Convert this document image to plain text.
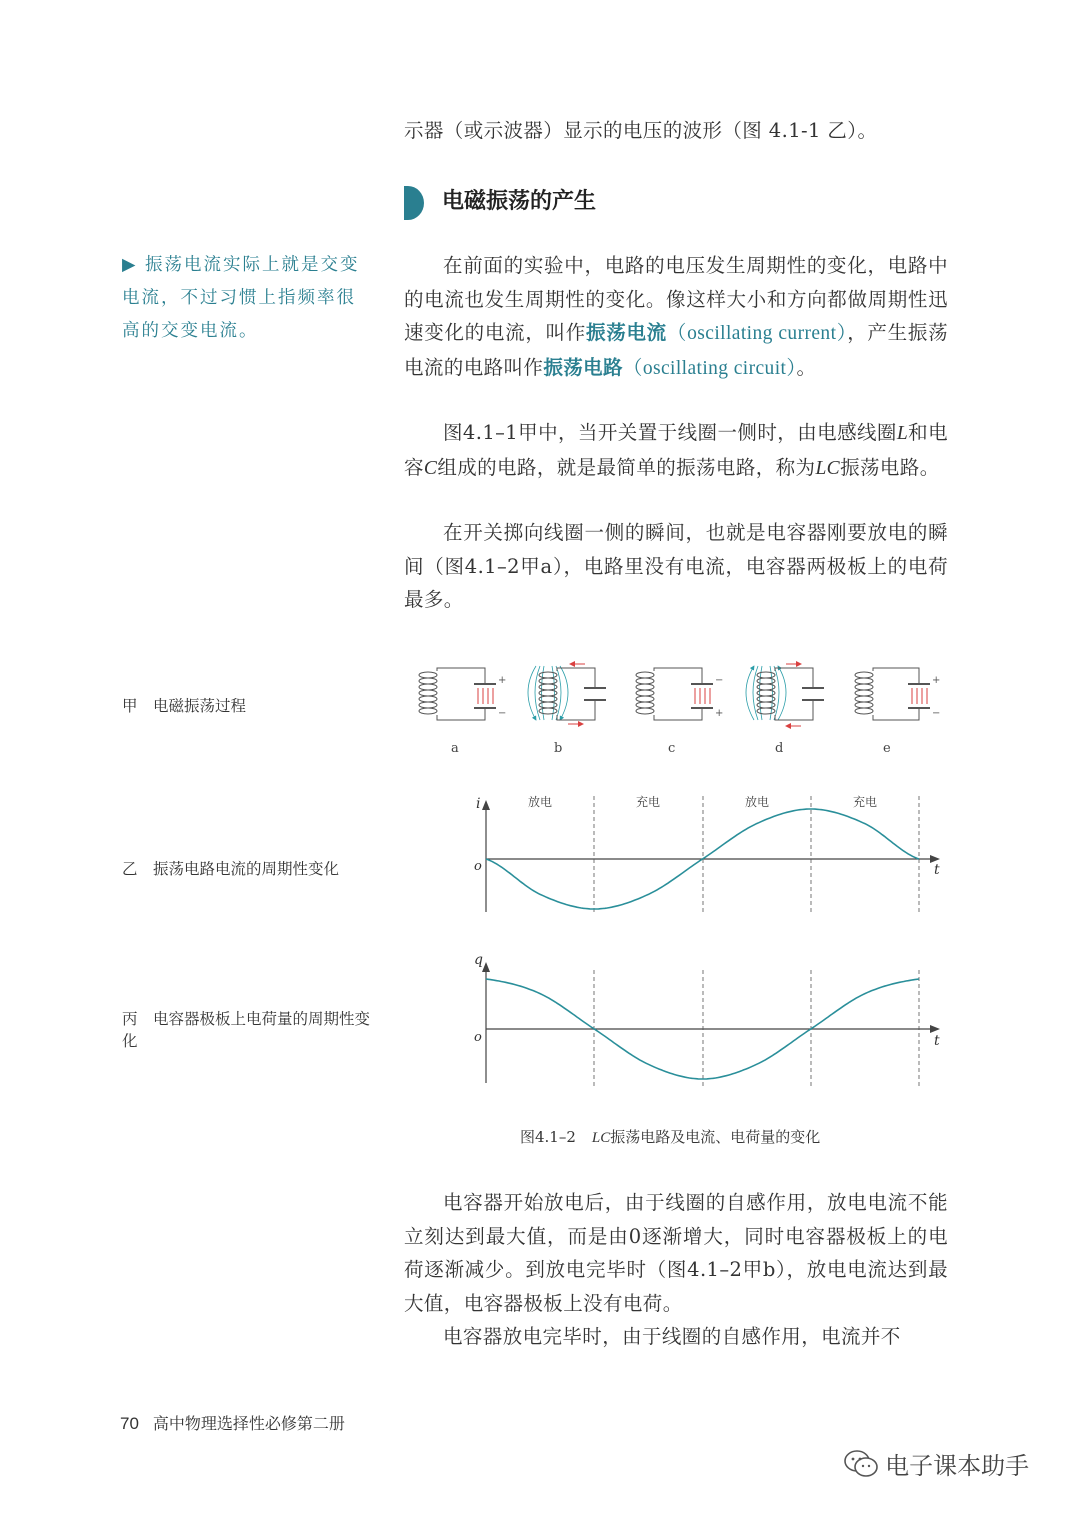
示器（或示波器）显示的电压的波形（图 4.1-1 乙）。

电磁振荡的产生
▶ 振荡电流实际上就是交变电流，不过习惯上指频率很高的交变电流。

在前面的实验中，电路的电压发生周期性的变化，电路中的电流也发生周期性的变化。像这样大小和方向都做周期性迅速变化的电流，叫作振荡电流（oscillating current），产生振荡电流的电路叫作振荡电路（oscillating circuit）。

图4.1–1甲中，当开关置于线圈一侧时，由电感线圈L和电容C组成的电路，就是最简单的振荡电路，称为LC振荡电路。

在开关掷向线圈一侧的瞬间，也就是电容器刚要放电的瞬间（图4.1–2甲a），电路里没有电流，电容器两极板上的电荷最多。

甲　电磁振荡过程
乙　振荡电路电流的周期性变化
丙　电容器极板上电荷量的周期性变化
+
−
a	b
−
+
c	d
+
−
e
i
t
o
放电	充电	放电	充电
q
t
o
图4.1–2 LC振荡电路及电流、电荷量的变化

电容器开始放电后，由于线圈的自感作用，放电电流不能立刻达到最大值，而是由0逐渐增大，同时电容器极板上的电荷逐渐减少。到放电完毕时（图4.1–2甲b），放电电流达到最大值，电容器极板上没有电荷。

电容器放电完毕时，由于线圈的自感作用，电流并不

70 高中物理选择性必修第二册
电子课本助手
